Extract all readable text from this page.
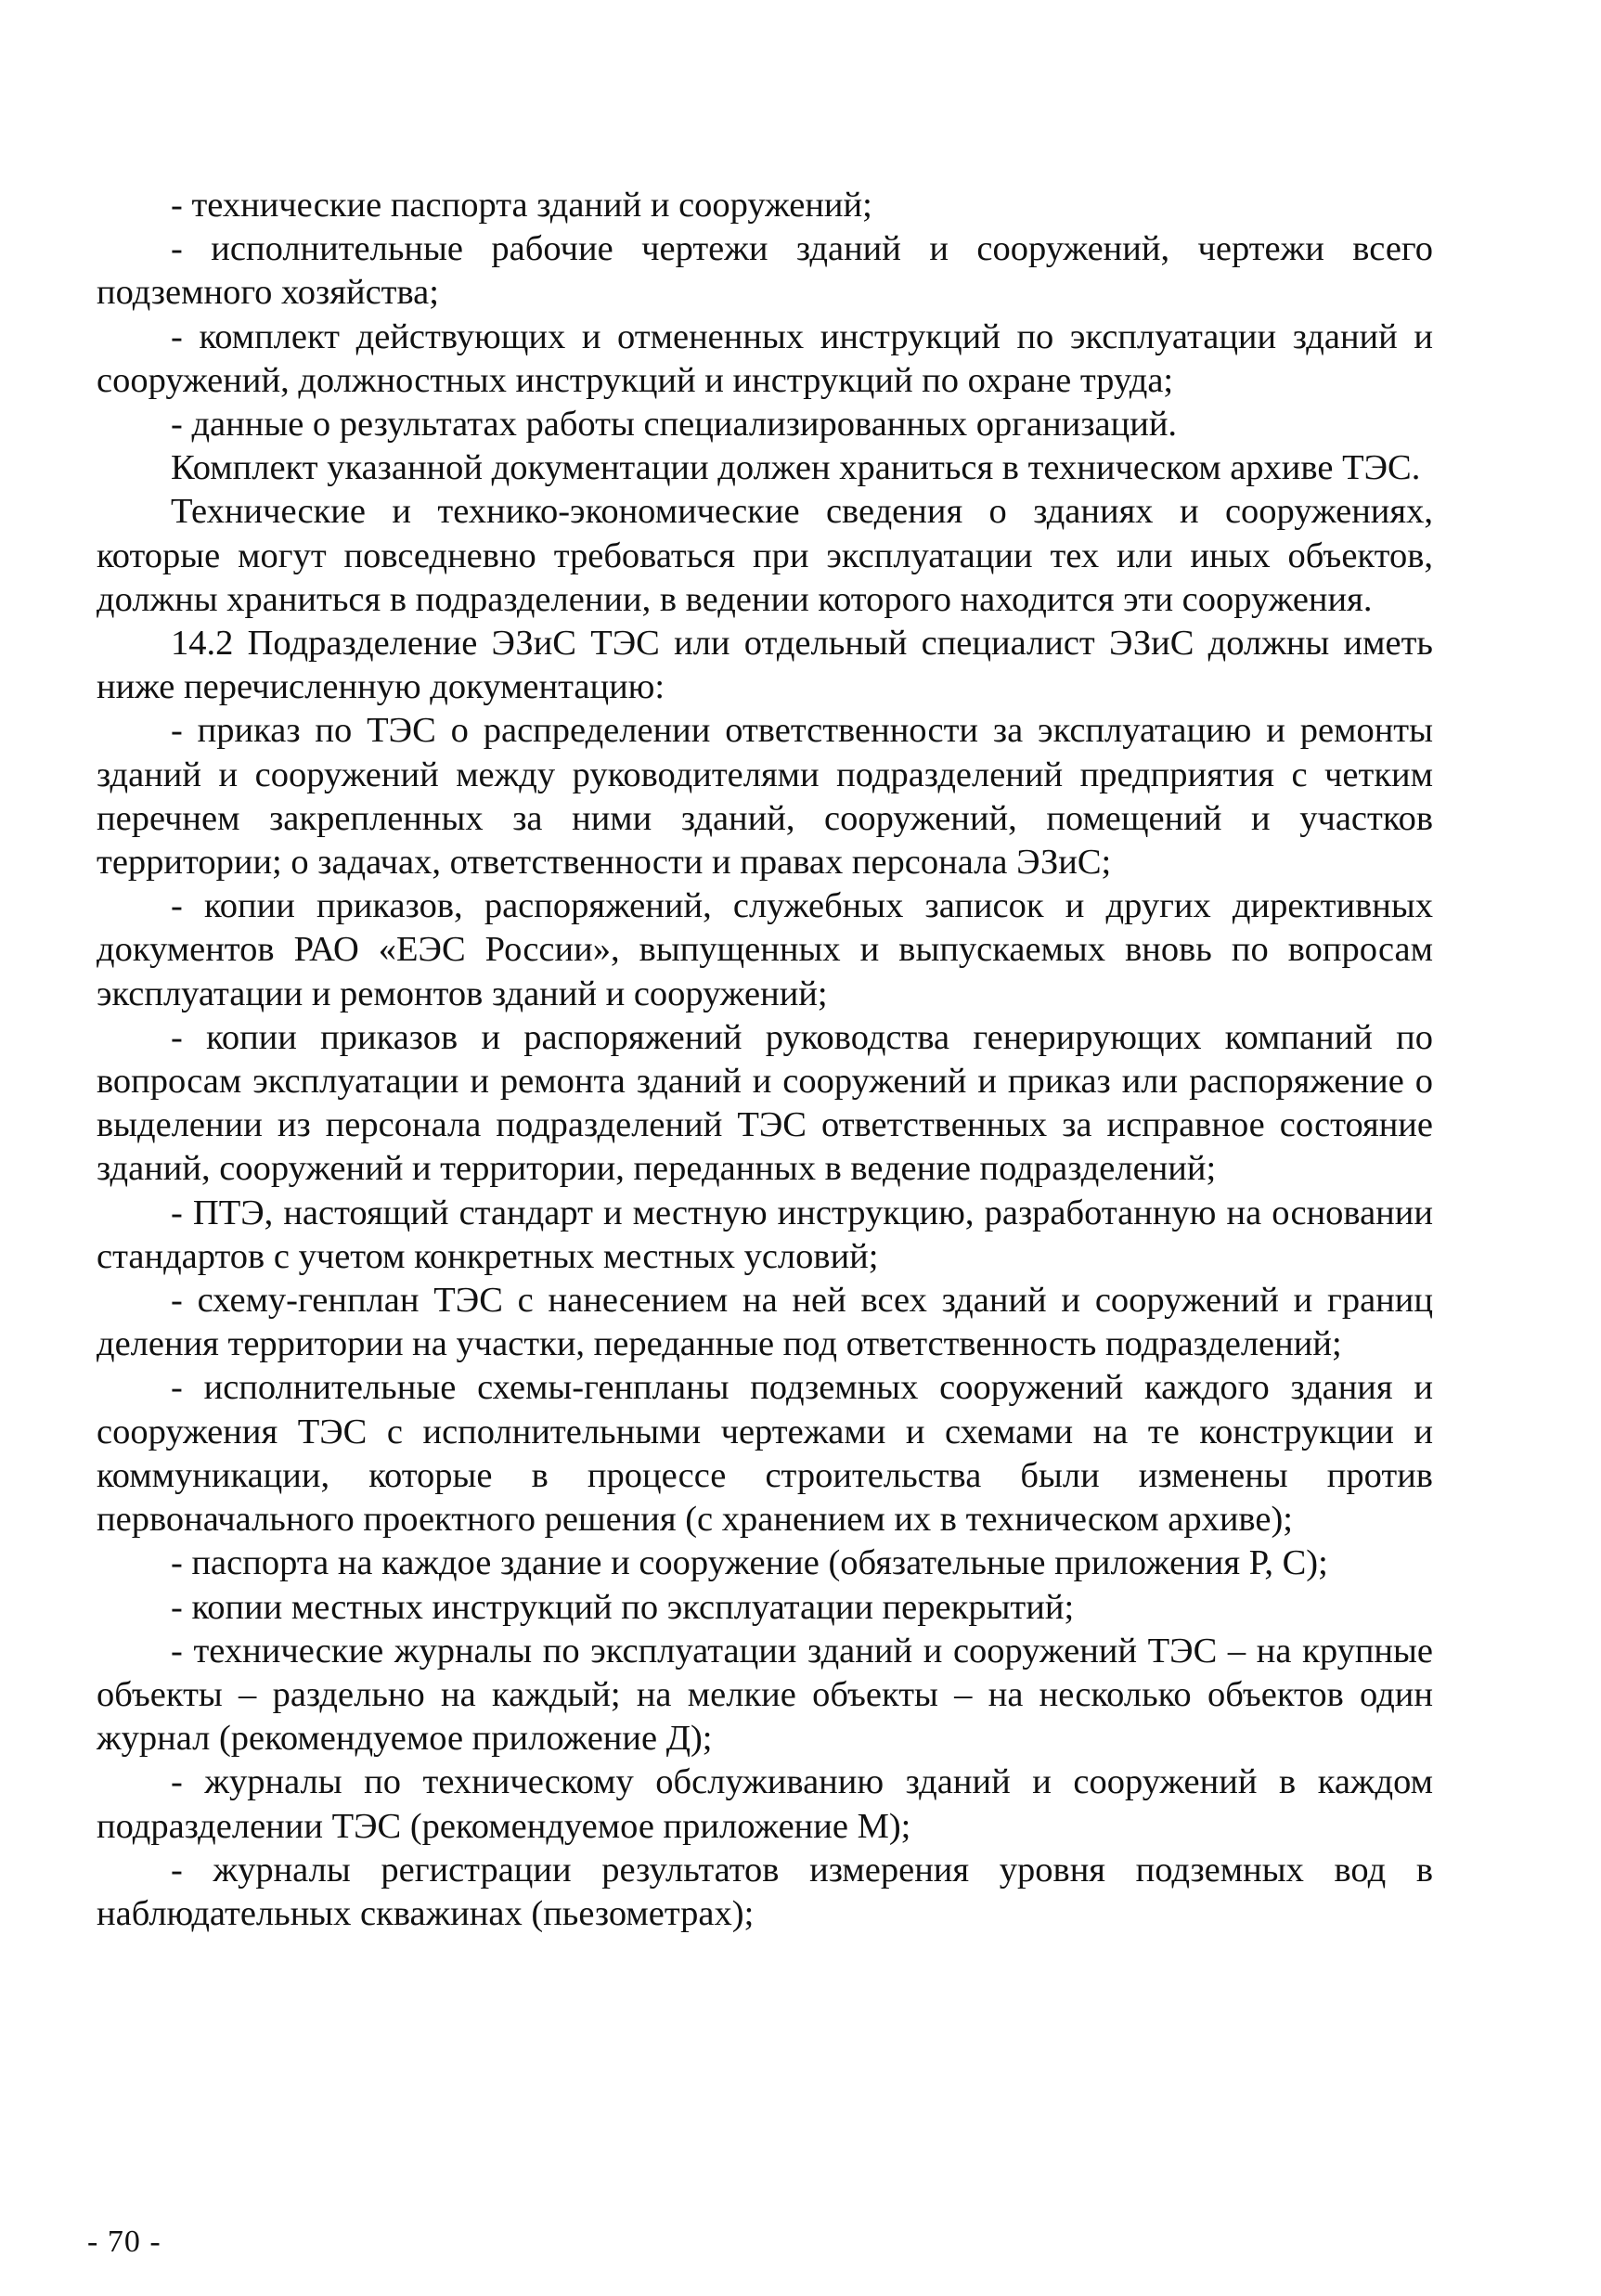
- технические паспорта зданий и сооружений;

- исполнительные рабочие чертежи зданий и сооружений, чертежи всего подземного хозяйства;

- комплект действующих и отмененных инструкций по эксплуатации зданий и сооружений, должностных инструкций и инструкций по охране труда;

- данные о результатах работы специализированных организаций.

Комплект указанной документации должен храниться в техническом архиве ТЭС.

Технические и технико-экономические сведения о зданиях и сооружениях, которые могут повседневно требоваться при эксплуатации тех или иных объектов, должны храниться в подразделении, в ведении которого находится эти сооружения.

14.2 Подразделение ЭЗиС ТЭС или отдельный специалист ЭЗиС должны иметь ниже перечисленную документацию:

- приказ по ТЭС о распределении ответственности за эксплуатацию и ремонты зданий и сооружений между руководителями подразделений предприятия с четким перечнем закрепленных за ними зданий, сооружений, помещений и участков территории; о задачах, ответственности и правах персонала ЭЗиС;

- копии приказов, распоряжений, служебных записок и других директивных документов РАО «ЕЭС России», выпущенных и выпускаемых вновь по вопросам эксплуатации и ремонтов зданий и сооружений;

- копии приказов и распоряжений руководства генерирующих компаний по вопросам эксплуатации и ремонта зданий и сооружений и приказ или распоряжение о выделении из персонала подразделений ТЭС ответственных за исправное состояние зданий, сооружений и территории, переданных в ведение подразделений;

- ПТЭ, настоящий стандарт и местную инструкцию, разработанную на основании стандартов с учетом конкретных местных условий;

- схему-генплан ТЭС с нанесением на ней всех зданий и сооружений и границ деления территории на участки, переданные под ответственность подразделений;

- исполнительные схемы-генпланы подземных сооружений каждого здания и сооружения ТЭС с исполнительными чертежами и схемами на те конструкции и коммуникации, которые в процессе строительства были изменены против первоначального проектного решения (с хранением их в техническом архиве);

- паспорта на каждое здание и сооружение (обязательные приложения Р, С);

- копии местных инструкций по эксплуатации перекрытий;

- технические журналы по эксплуатации зданий и сооружений ТЭС – на крупные объекты – раздельно на каждый; на мелкие объекты – на несколько объектов один журнал (рекомендуемое приложение Д);

- журналы по техническому обслуживанию зданий и сооружений в каждом подразделении ТЭС (рекомендуемое приложение М);

- журналы регистрации результатов измерения уровня подземных вод в наблюдательных скважинах (пьезометрах);

- 70 -
